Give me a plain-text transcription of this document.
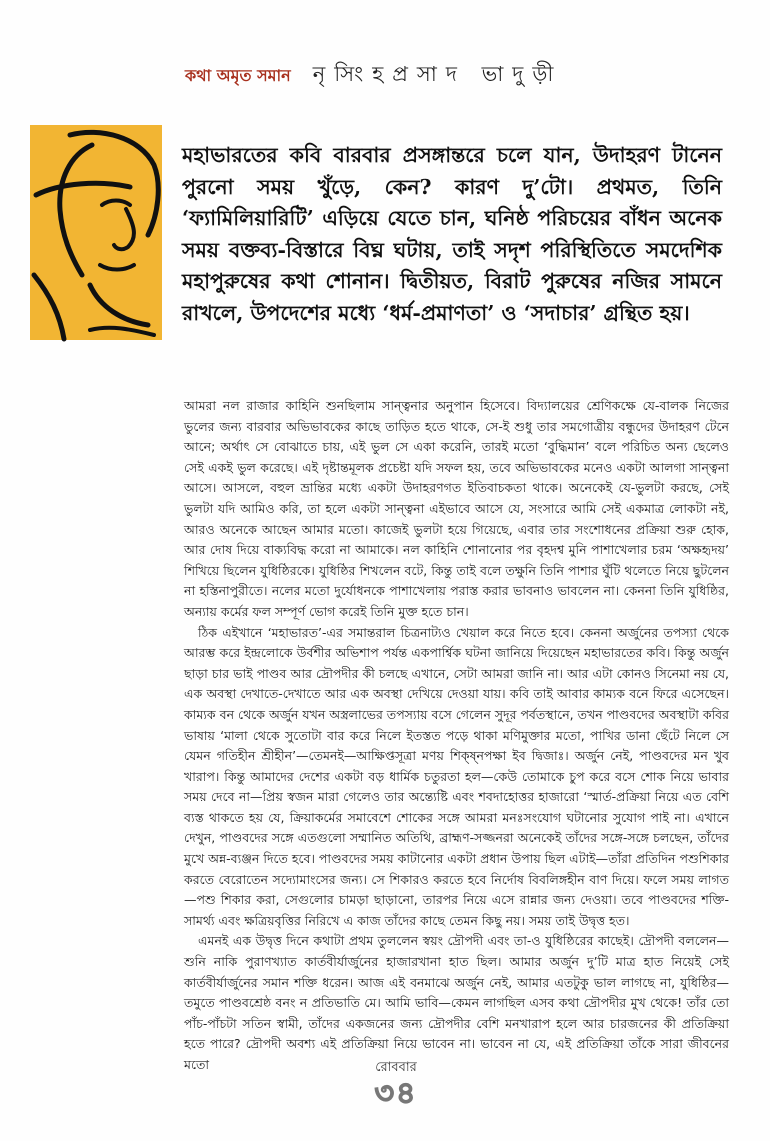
কথা অমৃত সমান নৃসিংহপ্রসাদ ভাদুড়ী
মহাভারতের কবি বারবার প্রসঙ্গান্তরে চলে যান, উদাহরণ টানেন পুরনো সময় খুঁড়ে, কেন? কারণ দু’টো। প্রথমত, তিনি ‘ফ্যামিলিয়ারিটি’ এড়িয়ে যেতে চান, ঘনিষ্ঠ পরিচয়ের বাঁধন অনেক সময় বক্তব্য-বিস্তারে বিঘ্ন ঘটায়, তাই সদৃশ পরিস্থিতিতে সমদেশিক মহাপুরুষের কথা শোনান। দ্বিতীয়ত, বিরাট পুরুষের নজির সামনে রাখলে, উপদেশের মধ্যে ‘ধর্ম-প্রমাণতা’ ও ‘সদাচার’ গ্রন্থিত হয়।

আমরা নল রাজার কাহিনি শুনছিলাম সান্ত্বনার অনুপান হিসেবে। বিদ্যালয়ের শ্রেণিকক্ষে যে-বালক নিজের ভুলের জন্য বারবার অভিভাবকের কাছে তাড়িত হতে থাকে, সে-ই শুধু তার সমগোত্রীয় বন্ধুদের উদাহরণ টেনে আনে; অর্থাৎ সে বোঝাতে চায়, এই ভুল সে একা করেনি, তারই মতো ‘বুদ্ধিমান’ বলে পরিচিত অন্য ছেলেও সেই একই ভুল করেছে। এই দৃষ্টান্তমূলক প্রচেষ্টা যদি সফল হয়, তবে অভিভাবকের মনেও একটা আলগা সান্ত্বনা আসে। আসলে, বহুল ভ্রান্তির মধ্যে একটা উদাহরণগত ইতিবাচকতা থাকে। অনেকেই যে-ভুলটা করছে, সেই ভুলটা যদি আমিও করি, তা হলে একটা সান্ত্বনা এইভাবে আসে যে, সংসারে আমি সেই একমাত্র লোকটা নই, আরও অনেকে আছেন আমার মতো। কাজেই ভুলটা হয়ে গিয়েছে, এবার তার সংশোধনের প্রক্রিয়া শুরু হোক, আর দোষ দিয়ে বাক্যবিদ্ধ করো না আমাকে। নল কাহিনি শোনানোর পর বৃহদশ্ব মুনি পাশাখেলার চরম ‘অক্ষহৃদয়’ শিখিয়ে ছিলেন যুধিষ্ঠিরকে। যুধিষ্ঠির শিখলেন বটে, কিন্তু তাই বলে তক্ষুনি তিনি পাশার ঘুঁটি থলেতে নিয়ে ছুটলেন না হস্তিনাপুরীতে। নলের মতো দুর্যোধনকে পাশাখেলায় পরাস্ত করার ভাবনাও ভাবলেন না। কেননা তিনি যুধিষ্ঠির, অন্যায় কর্মের ফল সম্পূর্ণ ভোগ করেই তিনি মুক্ত হতে চান।

ঠিক এইখানে ‘মহাভারত’-এর সমান্তরাল চিত্রনাট্যও খেয়াল করে নিতে হবে। কেননা অর্জুনের তপস্যা থেকে আরম্ভ করে ইন্দ্রলোকে উর্বশীর অভিশাপ পর্যন্ত একপার্শ্বিক ঘটনা জানিয়ে দিয়েছেন মহাভারতের কবি। কিন্তু অর্জুন ছাড়া চার ভাই পাণ্ডব আর দ্রৌপদীর কী চলছে এখানে, সেটা আমরা জানি না। আর এটা কোনও সিনেমা নয় যে, এক অবস্থা দেখাতে-দেখাতে আর এক অবস্থা দেখিয়ে দেওয়া যায়। কবি তাই আবার কাম্যক বনে ফিরে এসেছেন। কাম্যক বন থেকে অর্জুন যখন অস্ত্রলাভের তপস্যায় বসে গেলেন সুদূর পর্বতস্থানে, তখন পাণ্ডবদের অবস্থাটা কবির ভাষায় ‘মালা থেকে সুতোটা বার করে নিলে ইতস্তত পড়ে থাকা মণিমুক্তার মতো, পাখির ডানা ছেঁটে নিলে সে যেমন গতিহীন শ্রীহীন’—তেমনই—আক্ষিপ্তসূত্রা মণয় শিক্ষ্নপক্ষা ইব দ্বিজাঃ। অর্জুন নেই, পাণ্ডবদের মন খুব খারাপ। কিন্তু আমাদের দেশের একটা বড় ধার্মিক চতুরতা হল—কেউ তোমাকে চুপ করে বসে শোক নিয়ে ভাবার সময় দেবে না—প্রিয় স্বজন মারা গেলেও তার অন্ত্যেষ্টি এবং শবদাহোত্তর হাজারো ‘স্মার্ত-প্রক্রিয়া নিয়ে এত বেশি ব্যস্ত থাকতে হয় যে, ক্রিয়াকর্মের সমাবেশে শোকের সঙ্গে আমরা মনঃসংযোগ ঘটানোর সুযোগ পাই না। এখানে দেখুন, পাণ্ডবদের সঙ্গে এতগুলো সম্মানিত অতিথি, ব্রাহ্মণ-সজ্জনরা অনেকেই তাঁদের সঙ্গে-সঙ্গে চলছেন, তাঁদের মুখে অন্ন-ব্যঞ্জন দিতে হবে। পাণ্ডবদের সময় কাটানোর একটা প্রধান উপায় ছিল এটাই—তাঁরা প্রতিদিন পশুশিকার করতে বেরোতেন সদ্যোমাংসের জন্য। সে শিকারও করতে হবে নির্দোষ বিবলিঙ্গহীন বাণ দিয়ে। ফলে সময় লাগত—পশু শিকার করা, সেগুলোর চামড়া ছাড়ানো, তারপর নিয়ে এসে রান্নার জন্য দেওয়া। তবে পাণ্ডবদের শক্তি-সামর্থ্য এবং ক্ষত্রিয়বৃত্তির নিরিখে এ কাজ তাঁদের কাছে তেমন কিছু নয়। সময় তাই উদ্বৃত্ত হত।

এমনই এক উদ্বৃত্ত দিনে কথাটা প্রথম তুললেন স্বয়ং দ্রৌপদী এবং তা-ও যুধিষ্ঠিরের কাছেই। দ্রৌপদী বললেন—শুনি নাকি পুরাণখ্যাত কার্তবীর্যার্জুনের হাজারখানা হাত ছিল। আমার অর্জুন দু’টি মাত্র হাত নিয়েই সেই কার্তবীর্যার্জুনের সমান শক্তি ধরেন। আজ এই বনমাঝে অর্জুন নেই, আমার এতটুকু ভাল লাগছে না, যুধিষ্ঠির—তমুতে পাণ্ডবশ্রেষ্ঠ বনং ন প্রতিভাতি মে। আমি ভাবি—কেমন লাগছিল এসব কথা দ্রৌপদীর মুখ থেকে! তাঁর তো পাঁচ-পাঁচটা সতিন স্বামী, তাঁদের একজনের জন্য দ্রৌপদীর বেশি মনখারাপ হলে আর চারজনের কী প্রতিক্রিয়া হতে পারে? দ্রৌপদী অবশ্য এই প্রতিক্রিয়া নিয়ে ভাবেন না। ভাবেন না যে, এই প্রতিক্রিয়া তাঁকে সারা জীবনের মতো	রোববার
৩৪
